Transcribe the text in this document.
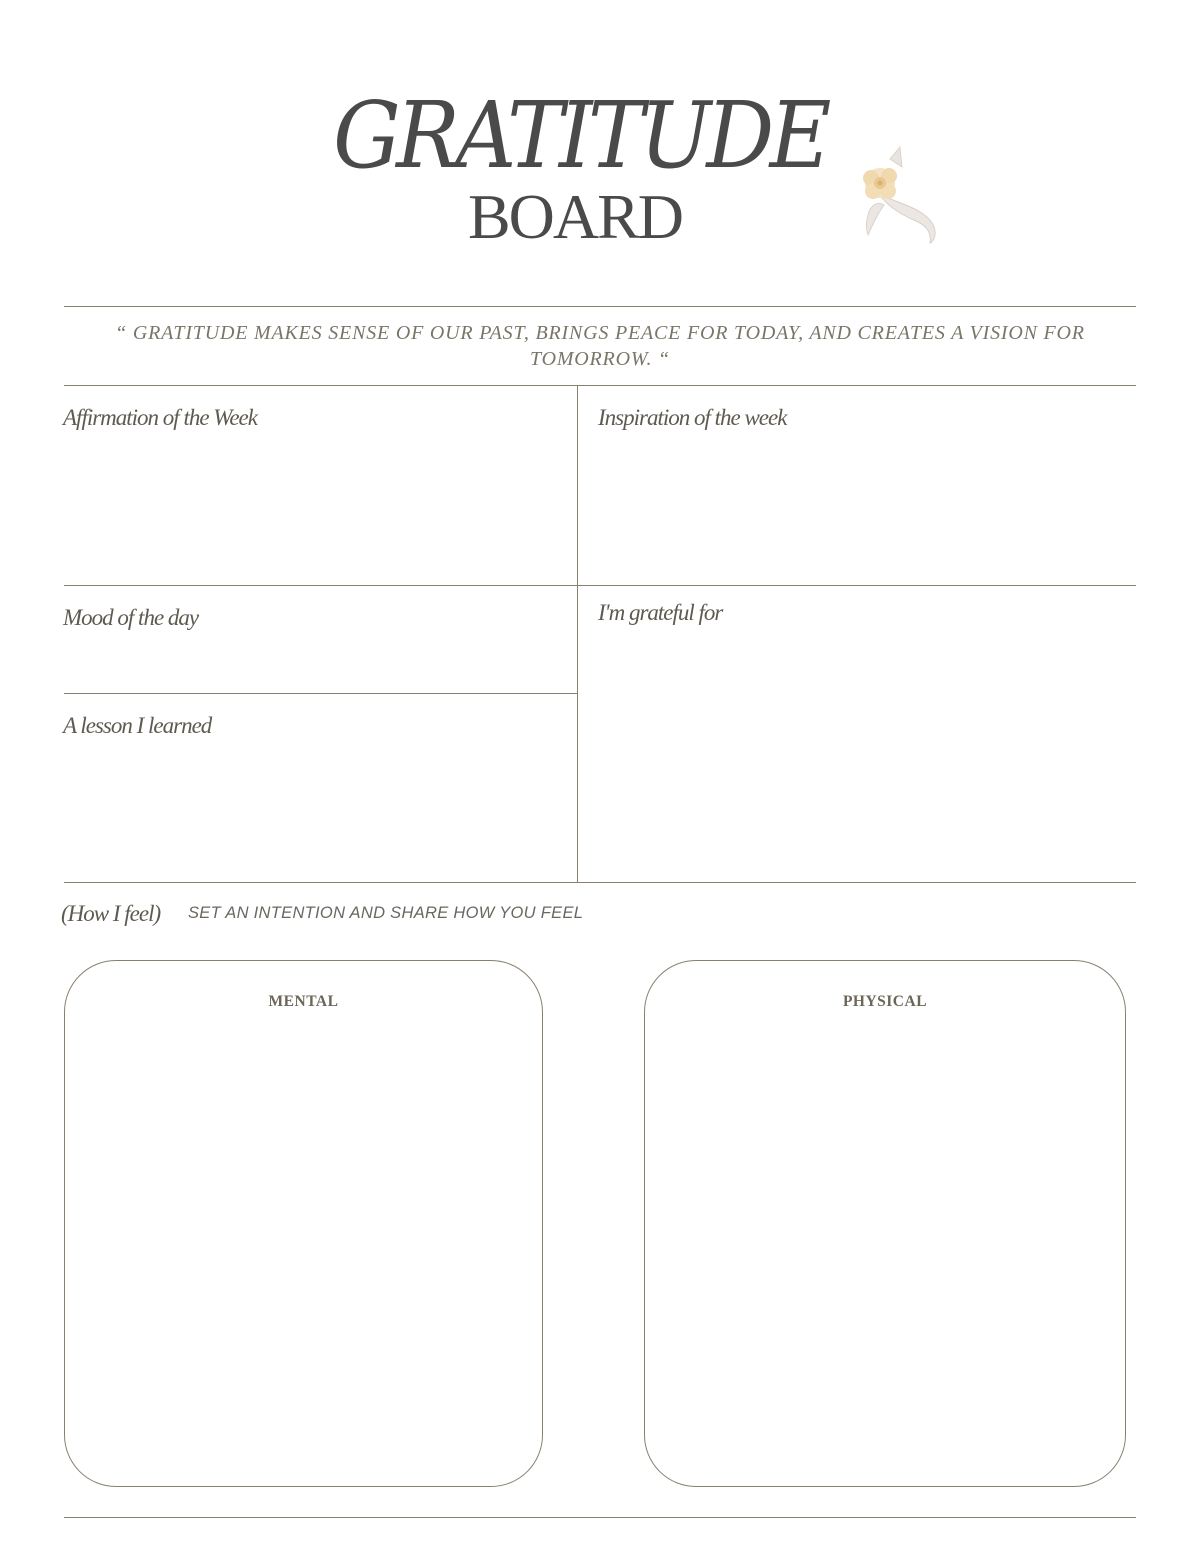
GRATITUDE
BOARD
“ GRATITUDE MAKES SENSE OF OUR PAST, BRINGS PEACE FOR TODAY, AND CREATES A VISION FOR TOMORROW. “
Affirmation of the Week	Inspiration of the week
Mood of the day	I'm grateful for
A lesson I learned
(How I feel) SET AN INTENTION AND SHARE HOW YOU FEEL
MENTAL	PHYSICAL
